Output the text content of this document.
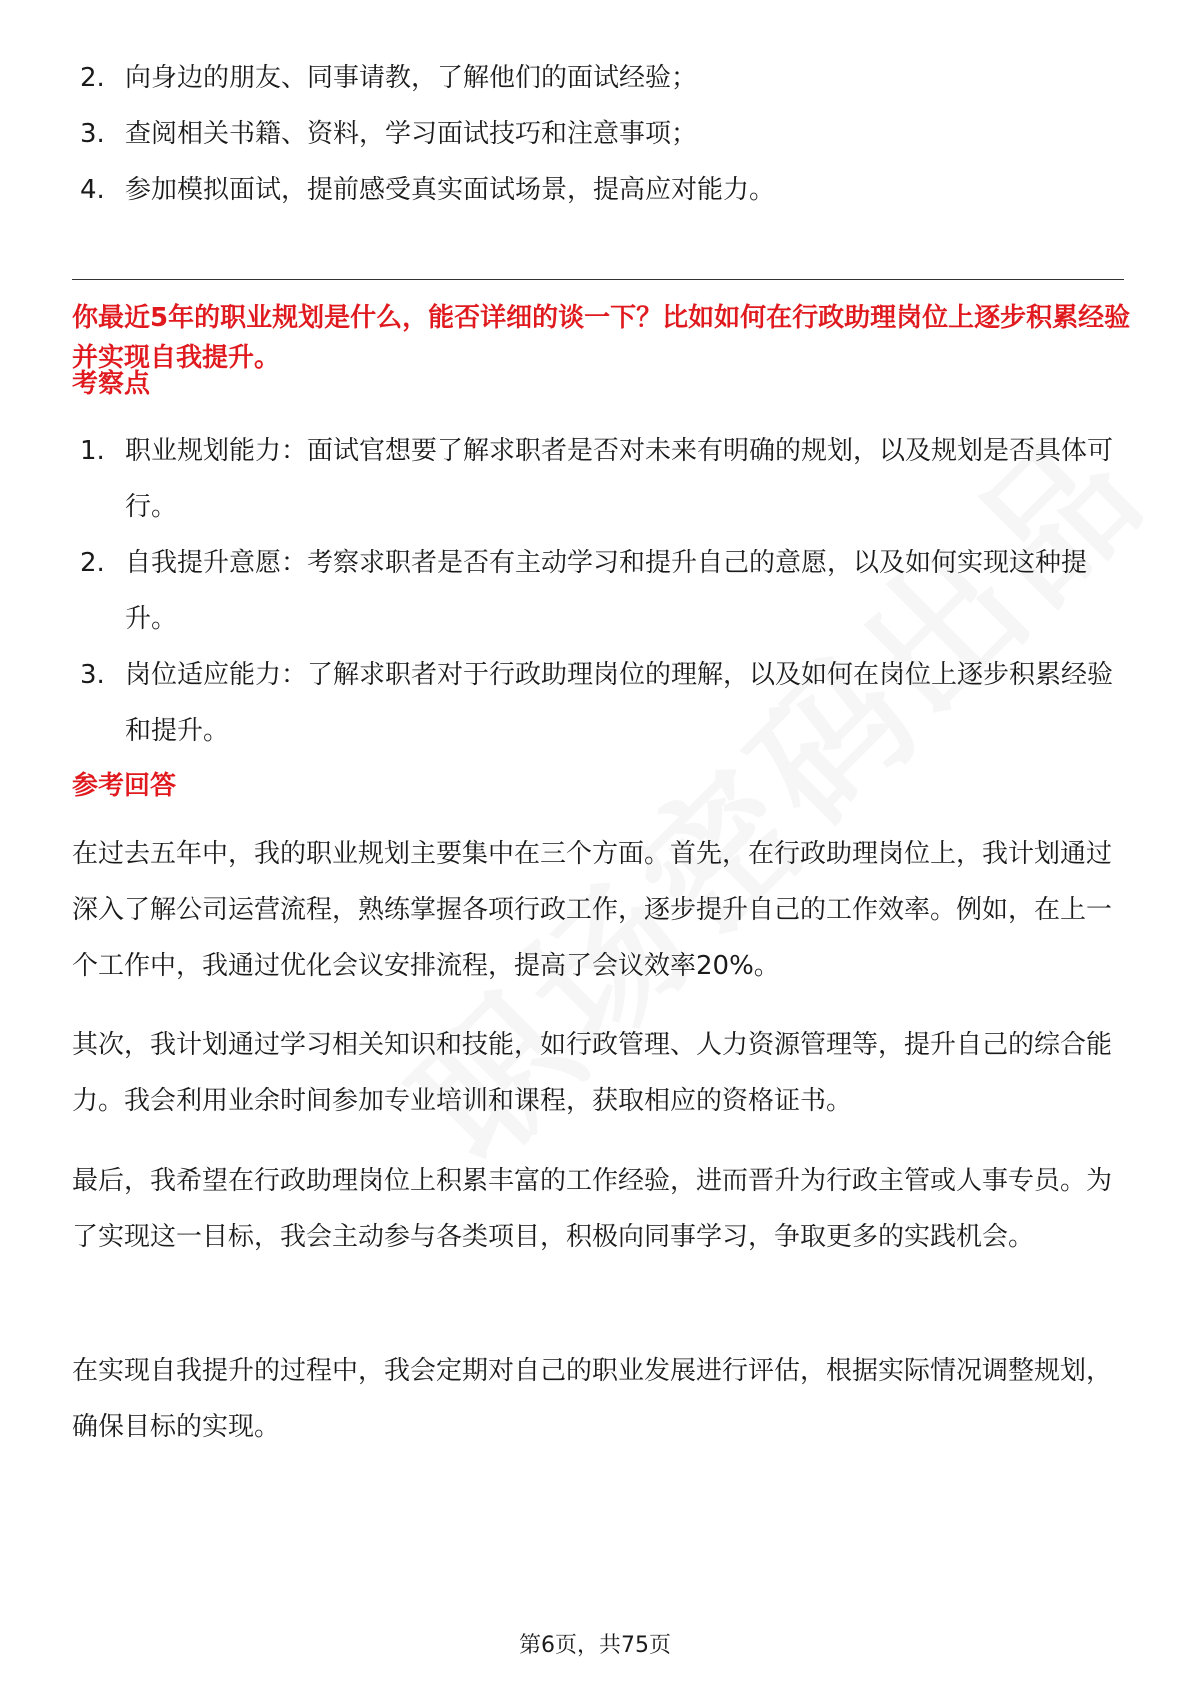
2. 向身边的朋友、同事请教，了解他们的面试经验；
3. 查阅相关书籍、资料，学习面试技巧和注意事项；
4. 参加模拟面试，提前感受真实面试场景，提高应对能力。
你最近5年的职业规划是什么，能否详细的谈一下？比如如何在行政助理岗位上逐步积累经验并实现自我提升。
考察点
1. 职业规划能力：面试官想要了解求职者是否对未来有明确的规划，以及规划是否具体可行。
2. 自我提升意愿：考察求职者是否有主动学习和提升自己的意愿，以及如何实现这种提升。
3. 岗位适应能力：了解求职者对于行政助理岗位的理解，以及如何在岗位上逐步积累经验和提升。
参考回答

在过去五年中，我的职业规划主要集中在三个方面。首先，在行政助理岗位上，我计划通过深入了解公司运营流程，熟练掌握各项行政工作，逐步提升自己的工作效率。例如，在上一个工作中，我通过优化会议安排流程，提高了会议效率20%。

其次，我计划通过学习相关知识和技能，如行政管理、人力资源管理等，提升自己的综合能力。我会利用业余时间参加专业培训和课程，获取相应的资格证书。

最后，我希望在行政助理岗位上积累丰富的工作经验，进而晋升为行政主管或人事专员。为了实现这一目标，我会主动参与各类项目，积极向同事学习，争取更多的实践机会。

在实现自我提升的过程中，我会定期对自己的职业发展进行评估，根据实际情况调整规划，确保目标的实现。

第6页，共75页
